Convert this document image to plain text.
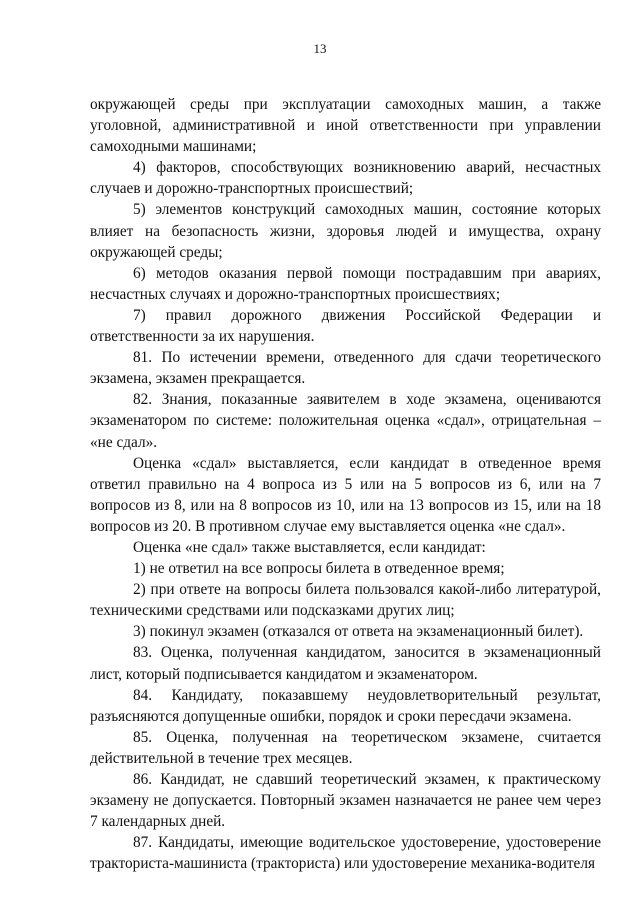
13

окружающей среды при эксплуатации самоходных машин, а также

уголовной, административной и иной ответственности при управлении

самоходными машинами;

4) факторов, способствующих возникновению аварий, несчастных

случаев и дорожно-транспортных происшествий;

5) элементов конструкций самоходных машин, состояние которых

влияет на безопасность жизни, здоровья людей и имущества, охрану

окружающей среды;

6) методов оказания первой помощи пострадавшим при авариях,

несчастных случаях и дорожно-транспортных происшествиях;

7) правил дорожного движения Российской Федерации и

ответственности за их нарушения.

81. По истечении времени, отведенного для сдачи теоретического

экзамена, экзамен прекращается.

82. Знания, показанные заявителем в ходе экзамена, оцениваются

экзаменатором по системе: положительная оценка «сдал», отрицательная –

«не сдал».

Оценка «сдал» выставляется, если кандидат в отведенное время

ответил правильно на 4 вопроса из 5 или на 5 вопросов из 6, или на 7

вопросов из 8, или на 8 вопросов из 10, или на 13 вопросов из 15, или на 18

вопросов из 20. В противном случае ему выставляется оценка «не сдал».

Оценка «не сдал» также выставляется, если кандидат:

1) не ответил на все вопросы билета в отведенное время;

2) при ответе на вопросы билета пользовался какой-либо литературой,

техническими средствами или подсказками других лиц;

3) покинул экзамен (отказался от ответа на экзаменационный билет).

83. Оценка, полученная кандидатом, заносится в экзаменационный

лист, который подписывается кандидатом и экзаменатором.

84. Кандидату, показавшему неудовлетворительный результат,

разъясняются допущенные ошибки, порядок и сроки пересдачи экзамена.

85. Оценка, полученная на теоретическом экзамене, считается

действительной в течение трех месяцев.

86. Кандидат, не сдавший теоретический экзамен, к практическому

экзамену не допускается. Повторный экзамен назначается не ранее чем через

7 календарных дней.

87. Кандидаты, имеющие водительское удостоверение, удостоверение

тракториста-машиниста (тракториста) или удостоверение механика-водителя
